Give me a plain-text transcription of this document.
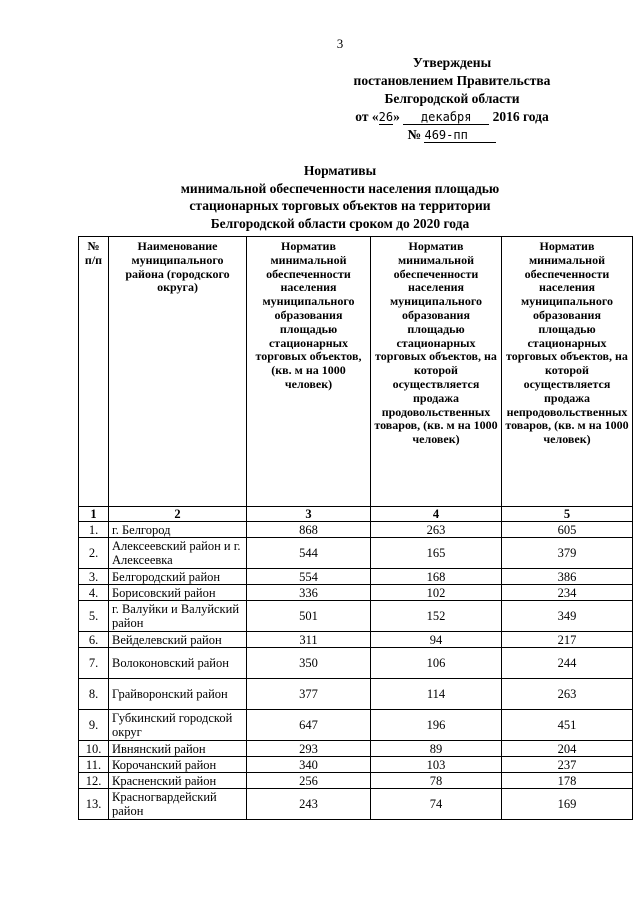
3
Утверждены
постановлением Правительства
Белгородской области
от «26» декабря 2016 года
№ 469-пп
Нормативы
минимальной обеспеченности населения площадью
стационарных торговых объектов на территории
Белгородской области сроком до 2020 года
№ п/п	Наименование муниципального района (городского округа)	Норматив минимальной обеспеченности населения муниципального образования площадью стационарных торговых объектов, (кв. м на 1000 человек)	Норматив минимальной обеспеченности населения муниципального образования площадью стационарных торговых объектов, на которой осуществляется продажа продовольственных товаров, (кв. м на 1000 человек)	Норматив минимальной обеспеченности населения муниципального образования площадью стационарных торговых объектов, на которой осуществляется продажа непродовольственных товаров, (кв. м на 1000 человек)
1	2	3	4	5
1.	г. Белгород	868	263	605
2.	Алексеевский район и г. Алексеевка	544	165	379
3.	Белгородский район	554	168	386
4.	Борисовский район	336	102	234
5.	г. Валуйки и Валуйский район	501	152	349
6.	Вейделевский район	311	94	217
7.	Волоконовский район	350	106	244
8.	Грайворонский район	377	114	263
9.	Губкинский городской округ	647	196	451
10.	Ивнянский район	293	89	204
11.	Корочанский район	340	103	237
12.	Красненский район	256	78	178
13.	Красногвардейский район	243	74	169
